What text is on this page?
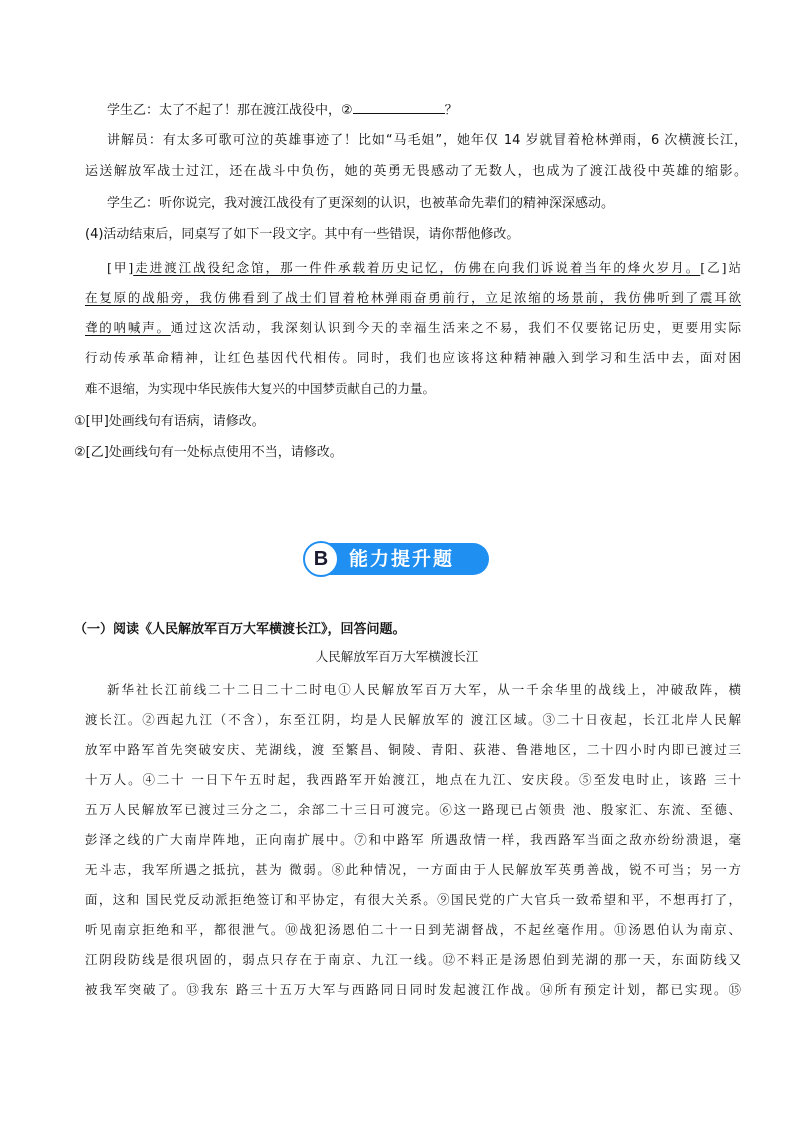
学生乙：太了不起了！那在渡江战役中，②	？
讲解员：有太多可歌可泣的英雄事迹了！比如“马毛姐”，她年仅 14 岁就冒着枪林弹雨，6 次横渡长江，
运送解放军战士过江，还在战斗中负伤，她的英勇无畏感动了无数人，也成为了渡江战役中英雄的缩影。
学生乙：听你说完，我对渡江战役有了更深刻的认识，也被革命先辈们的精神深深感动。
(4)活动结束后，同桌写了如下一段文字。其中有一些错误，请你帮他修改。
[甲]走进渡江战役纪念馆，那一件件承载着历史记忆，仿佛在向我们诉说着当年的烽火岁月。[乙]站
在复原的战船旁，我仿佛看到了战士们冒着枪林弹雨奋勇前行，立足浓缩的场景前，我仿佛听到了震耳欲
聋的呐喊声。通过这次活动，我深刻认识到今天的幸福生活来之不易，我们不仅要铭记历史，更要用实际
行动传承革命精神，让红色基因代代相传。同时，我们也应该将这种精神融入到学习和生活中去，面对困
难不退缩，为实现中华民族伟大复兴的中国梦贡献自己的力量。
①[甲]处画线句有语病，请修改。
②[乙]处画线句有一处标点使用不当，请修改。
B	能力提升题
（一）阅读《人民解放军百万大军横渡长江》，回答问题。
人民解放军百万大军横渡长江
新华社长江前线二十二日二十二时电①人民解放军百万大军，从一千余华里的战线上，冲破敌阵，横
渡长江。②西起九江（不含），东至江阴，均是人民解放军的 渡江区域。③二十日夜起，长江北岸人民解
放军中路军首先突破安庆、芜湖线，渡 至繁昌、铜陵、青阳、荻港、鲁港地区，二十四小时内即已渡过三
十万人。④二十 一日下午五时起，我西路军开始渡江，地点在九江、安庆段。⑤至发电时止，该路 三十
五万人民解放军已渡过三分之二，余部二十三日可渡完。⑥这一路现已占领贵 池、殷家汇、东流、至德、
彭泽之线的广大南岸阵地，正向南扩展中。⑦和中路军 所遇敌情一样，我西路军当面之敌亦纷纷溃退，毫
无斗志，我军所遇之抵抗，甚为 微弱。⑧此种情况，一方面由于人民解放军英勇善战，锐不可当；另一方
面，这和 国民党反动派拒绝签订和平协定，有很大关系。⑨国民党的广大官兵一致希望和平，不想再打了，
听见南京拒绝和平，都很泄气。⑩战犯汤恩伯二十一日到芜湖督战，不起丝毫作用。⑪汤恩伯认为南京、
江阴段防线是很巩固的，弱点只存在于南京、九江一线。⑫不料正是汤恩伯到芜湖的那一天，东面防线又
被我军突破了。⑬我东 路三十五万大军与西路同日同时发起渡江作战。⑭所有预定计划，都已实现。⑮
